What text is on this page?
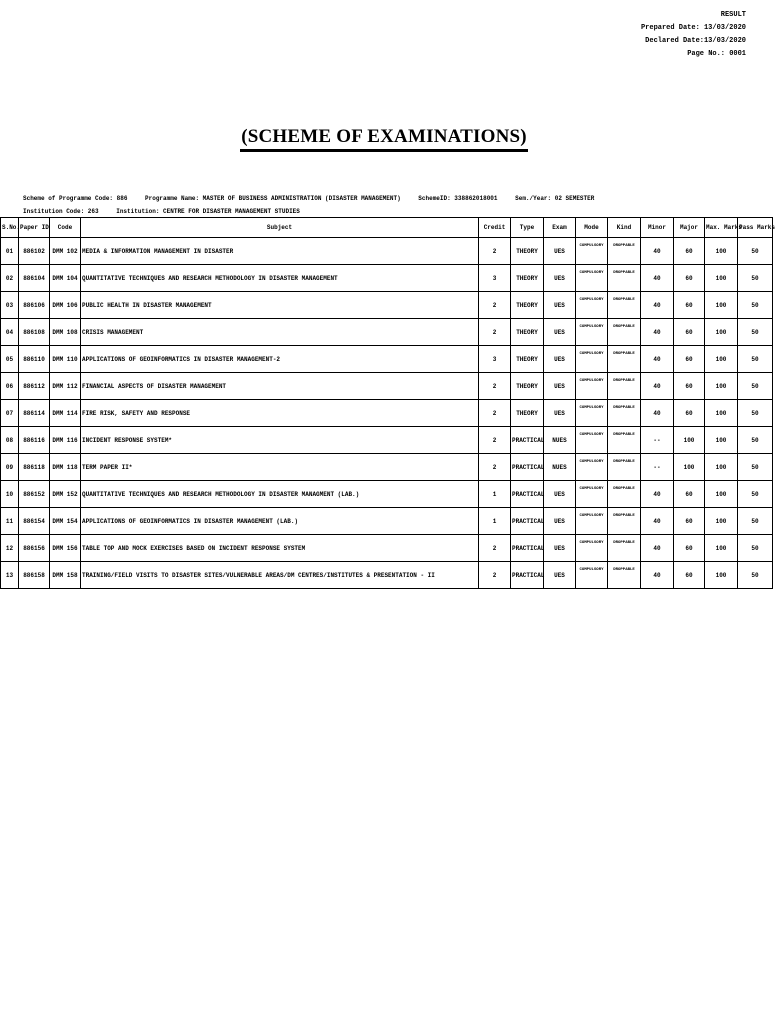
RESULT
Prepared Date: 13/03/2020
Declared Date:13/03/2020
Page No.: 0001
(SCHEME OF EXAMINATIONS)
Scheme of Programme Code: 886	Programme Name: MASTER OF BUSINESS ADMINISTRATION (DISASTER MANAGEMENT)	SchemeID: 338862018001	Sem./Year: 02 SEMESTER
Institution Code: 263	Institution: CENTRE FOR DISASTER MANAGEMENT STUDIES
S.No.	Paper ID	Code	Subject	Credit	Type	Exam	Mode	Kind	Minor	Major	Max. Marks	Pass Marks
01	886102	DMM 102	MEDIA & INFORMATION MANAGEMENT IN DISASTER	2	THEORY	UES	COMPULSORY	DROPPABLE	40	60	100	50
02	886104	DMM 104	QUANTITATIVE TECHNIQUES AND RESEARCH METHODOLOGY IN DISASTER MANAGEMENT	3	THEORY	UES	COMPULSORY	DROPPABLE	40	60	100	50
03	886106	DMM 106	PUBLIC HEALTH IN DISASTER MANAGEMENT	2	THEORY	UES	COMPULSORY	DROPPABLE	40	60	100	50
04	886108	DMM 108	CRISIS MANAGEMENT	2	THEORY	UES	COMPULSORY	DROPPABLE	40	60	100	50
05	886110	DMM 110	APPLICATIONS OF GEOINFORMATICS IN DISASTER MANAGEMENT-2	3	THEORY	UES	COMPULSORY	DROPPABLE	40	60	100	50
06	886112	DMM 112	FINANCIAL ASPECTS OF DISASTER MANAGEMENT	2	THEORY	UES	COMPULSORY	DROPPABLE	40	60	100	50
07	886114	DMM 114	FIRE RISK, SAFETY AND RESPONSE	2	THEORY	UES	COMPULSORY	DROPPABLE	40	60	100	50
08	886116	DMM 116	INCIDENT RESPONSE SYSTEM*	2	PRACTICAL	NUES	COMPULSORY	DROPPABLE	--	100	100	50
09	886118	DMM 118	TERM PAPER II*	2	PRACTICAL	NUES	COMPULSORY	DROPPABLE	--	100	100	50
10	886152	DMM 152	QUANTITATIVE TECHNIQUES AND RESEARCH METHODOLOGY IN DISASTER MANAGMENT (LAB.)	1	PRACTICAL	UES	COMPULSORY	DROPPABLE	40	60	100	50
11	886154	DMM 154	APPLICATIONS OF GEOINFORMATICS IN DISASTER MANAGEMENT (LAB.)	1	PRACTICAL	UES	COMPULSORY	DROPPABLE	40	60	100	50
12	886156	DMM 156	TABLE TOP AND MOCK EXERCISES BASED ON INCIDENT RESPONSE SYSTEM	2	PRACTICAL	UES	COMPULSORY	DROPPABLE	40	60	100	50
13	886158	DMM 158	TRAINING/FIELD VISITS TO DISASTER SITES/VULNERABLE AREAS/DM CENTRES/INSTITUTES & PRESENTATION - II	2	PRACTICAL	UES	COMPULSORY	DROPPABLE	40	60	100	50
